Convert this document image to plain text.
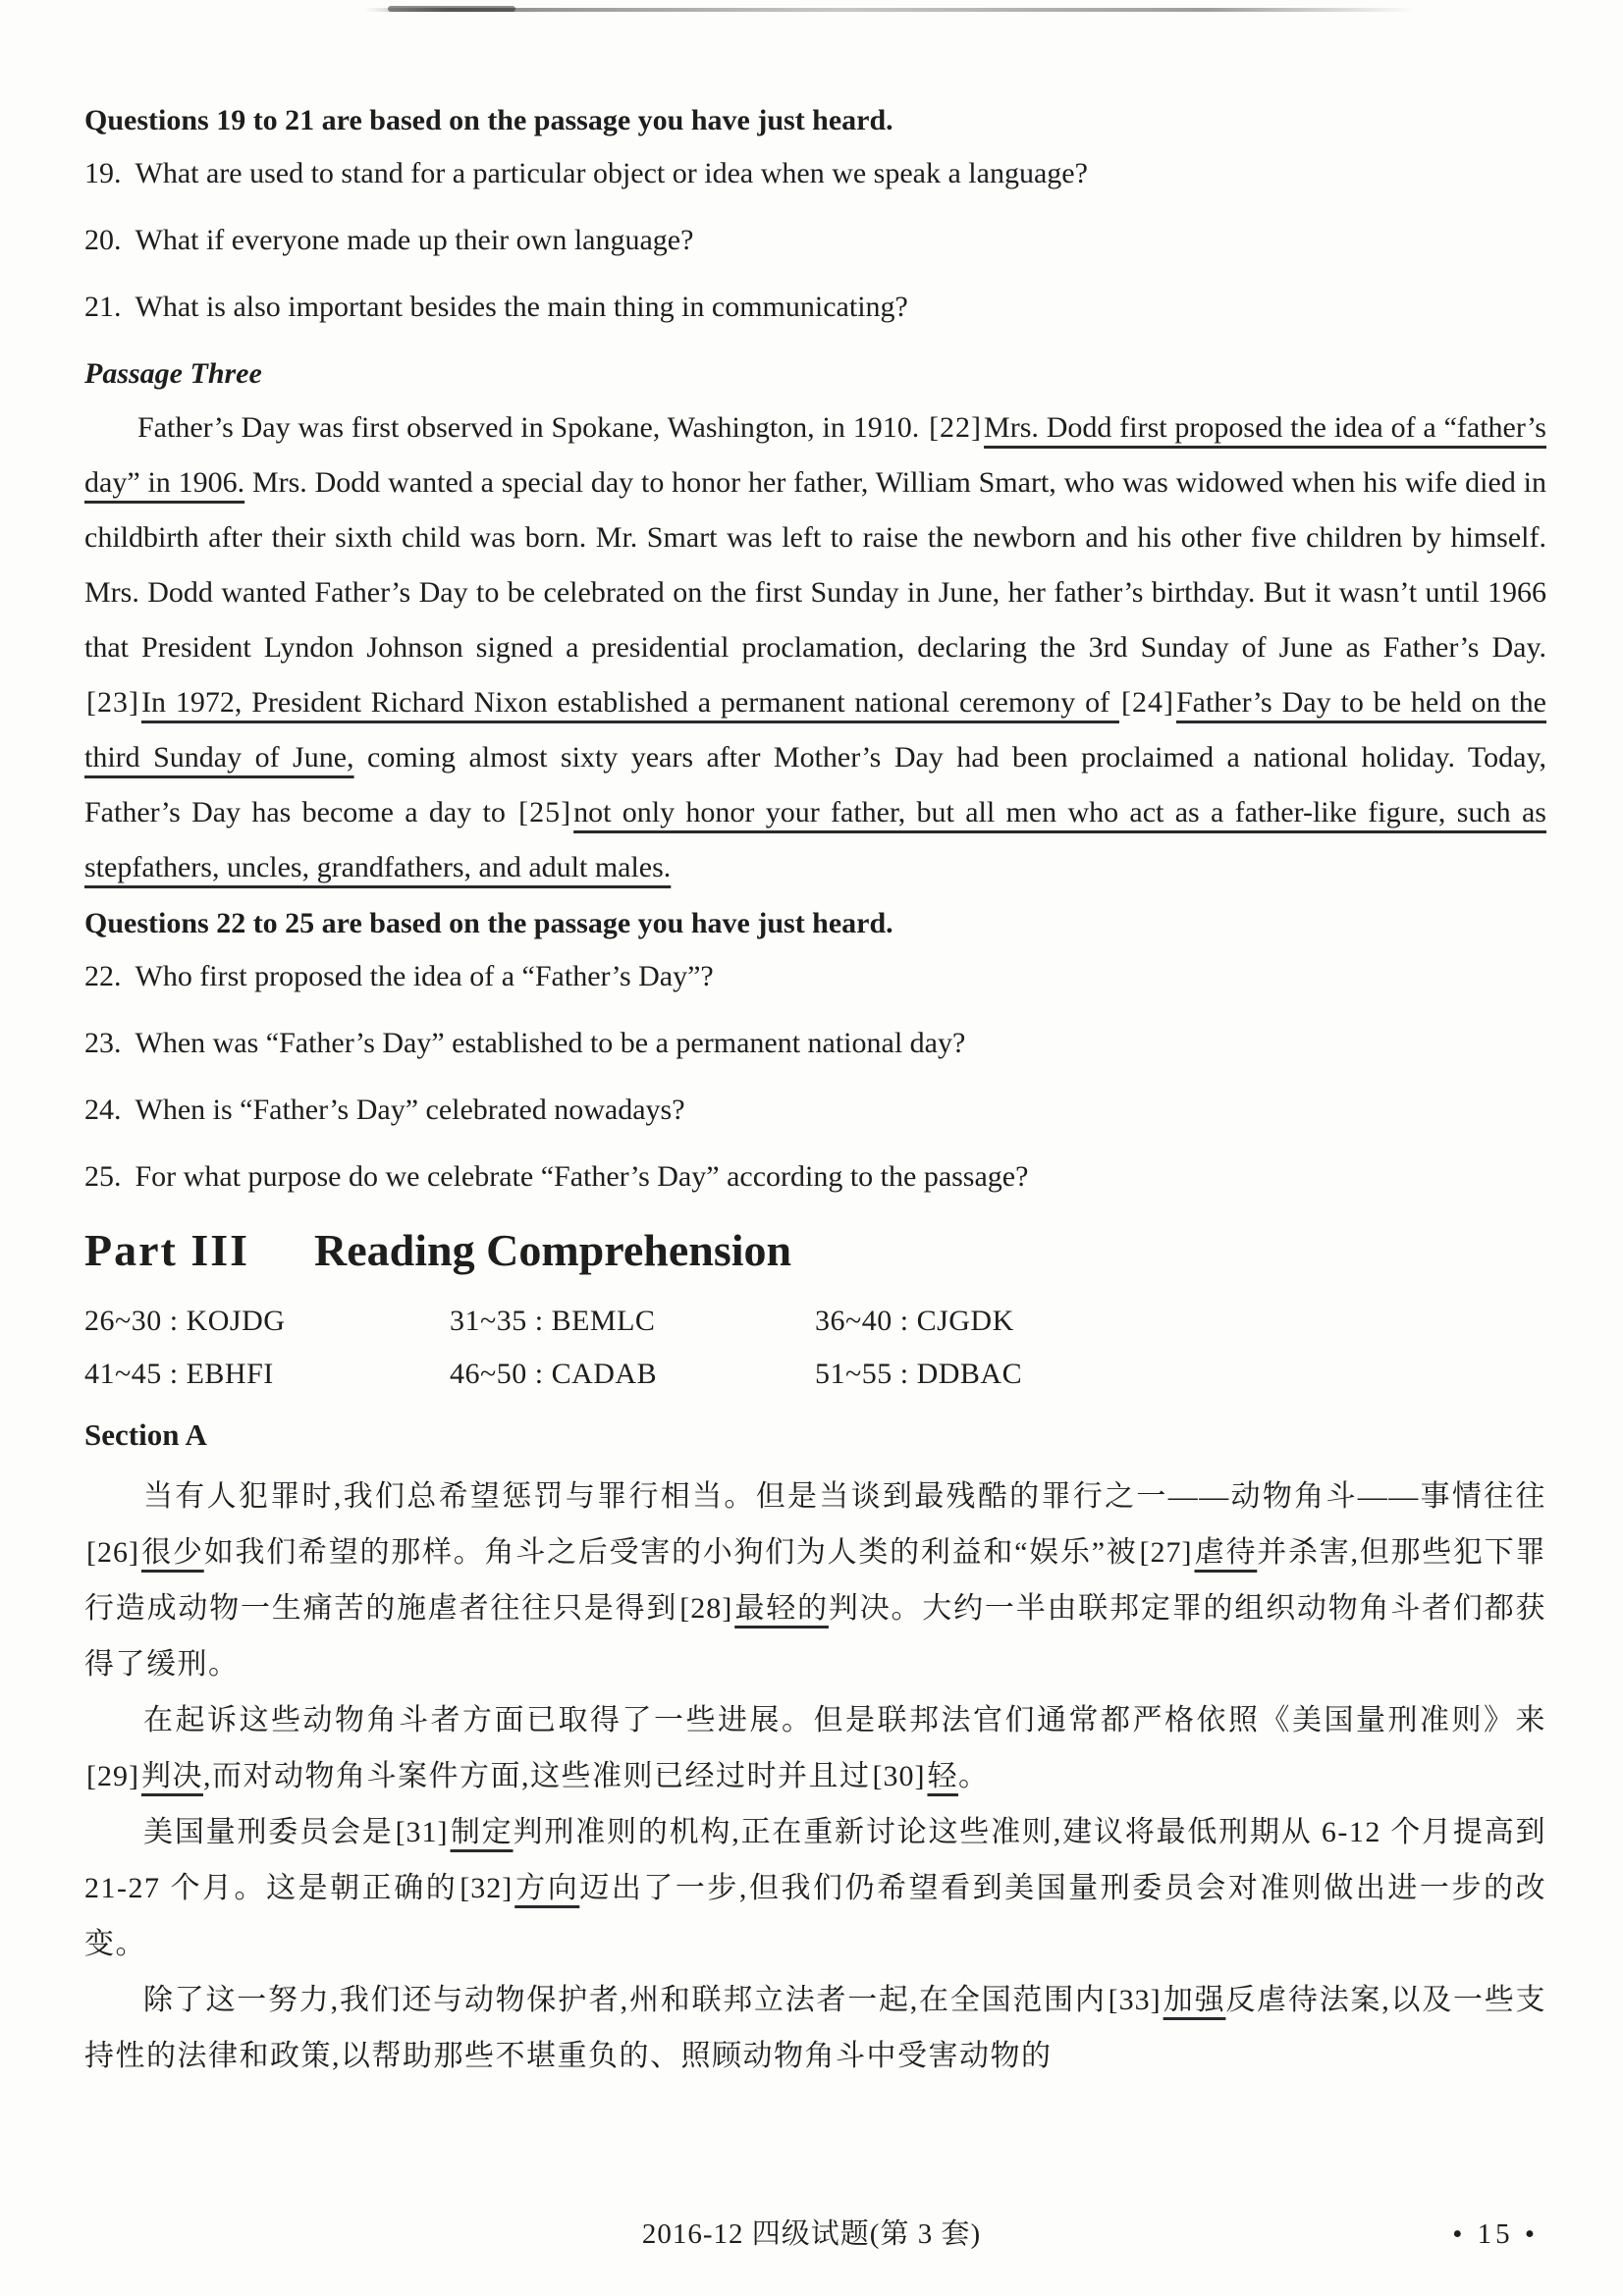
Questions 19 to 21 are based on the passage you have just heard.
19. What are used to stand for a particular object or idea when we speak a language?
20. What if everyone made up their own language?
21. What is also important besides the main thing in communicating?
Passage Three

Father’s Day was first observed in Spokane, Washington, in 1910. [22]Mrs. Dodd first proposed the idea of a “father’s day” in 1906. Mrs. Dodd wanted a special day to honor her father, William Smart, who was widowed when his wife died in childbirth after their sixth child was born. Mr. Smart was left to raise the newborn and his other five children by himself. Mrs. Dodd wanted Father’s Day to be celebrated on the first Sunday in June, her father’s birthday. But it wasn’t until 1966 that President Lyndon Johnson signed a presidential proclamation, declaring the 3rd Sunday of June as Father’s Day. [23]In 1972, President Richard Nixon established a permanent national ceremony of [24]Father’s Day to be held on the third Sunday of June, coming almost sixty years after Mother’s Day had been proclaimed a national holiday. Today, Father’s Day has become a day to [25]not only honor your father, but all men who act as a father-like figure, such as stepfathers, uncles, grandfathers, and adult males.

Questions 22 to 25 are based on the passage you have just heard.
22. Who first proposed the idea of a “Father’s Day”?
23. When was “Father’s Day” established to be a permanent national day?
24. When is “Father’s Day” celebrated nowadays?
25. For what purpose do we celebrate “Father’s Day” according to the passage?
Part III Reading Comprehension
26~30 : KOJDG	31~35 : BEMLC	36~40 : CJGDK
41~45 : EBHFI	46~50 : CADAB	51~55 : DDBAC
Section A

当有人犯罪时,我们总希望惩罚与罪行相当。但是当谈到最残酷的罪行之一——动物角斗——事情往往[26]很少如我们希望的那样。角斗之后受害的小狗们为人类的利益和“娱乐”被[27]虐待并杀害,但那些犯下罪行造成动物一生痛苦的施虐者往往只是得到[28]最轻的判决。大约一半由联邦定罪的组织动物角斗者们都获得了缓刑。

在起诉这些动物角斗者方面已取得了一些进展。但是联邦法官们通常都严格依照《美国量刑准则》来[29]判决,而对动物角斗案件方面,这些准则已经过时并且过[30]轻。

美国量刑委员会是[31]制定判刑准则的机构,正在重新讨论这些准则,建议将最低刑期从 6-12 个月提高到 21-27 个月。这是朝正确的[32]方向迈出了一步,但我们仍希望看到美国量刑委员会对准则做出进一步的改变。

除了这一努力,我们还与动物保护者,州和联邦立法者一起,在全国范围内[33]加强反虐待法案,以及一些支持性的法律和政策,以帮助那些不堪重负的、照顾动物角斗中受害动物的

2016-12 四级试题(第 3 套)	• 15 •
